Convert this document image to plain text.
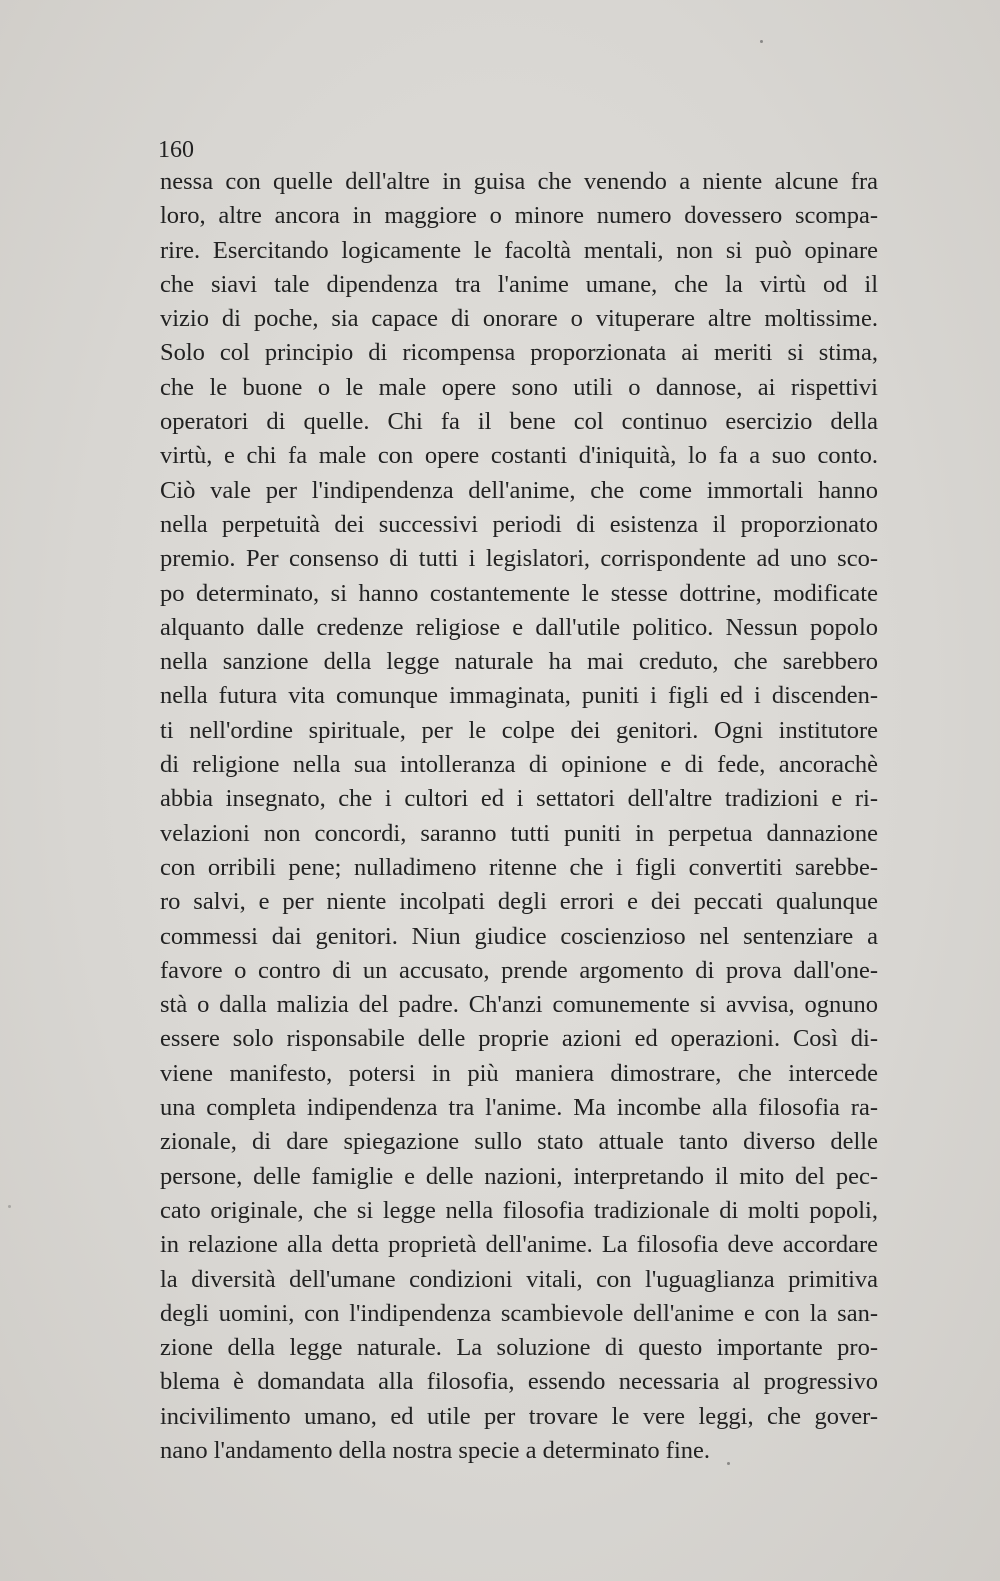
160
nessa con quelle dell'altre in guisa che venendo a niente alcune fra
loro, altre ancora in maggiore o minore numero dovessero scompa-
rire. Esercitando logicamente le facoltà mentali, non si può opinare
che siavi tale dipendenza tra l'anime umane, che la virtù od il
vizio di poche, sia capace di onorare o vituperare altre moltissime.
Solo col principio di ricompensa proporzionata ai meriti si stima,
che le buone o le male opere sono utili o dannose, ai rispettivi
operatori di quelle. Chi fa il bene col continuo esercizio della
virtù, e chi fa male con opere costanti d'iniquità, lo fa a suo conto.
Ciò vale per l'indipendenza dell'anime, che come immortali hanno
nella perpetuità dei successivi periodi di esistenza il proporzionato
premio. Per consenso di tutti i legislatori, corrispondente ad uno sco-
po determinato, si hanno costantemente le stesse dottrine, modificate
alquanto dalle credenze religiose e dall'utile politico. Nessun popolo
nella sanzione della legge naturale ha mai creduto, che sarebbero
nella futura vita comunque immaginata, puniti i figli ed i discenden-
ti nell'ordine spirituale, per le colpe dei genitori. Ogni institutore
di religione nella sua intolleranza di opinione e di fede, ancorachè
abbia insegnato, che i cultori ed i settatori dell'altre tradizioni e ri-
velazioni non concordi, saranno tutti puniti in perpetua dannazione
con orribili pene; nulladimeno ritenne che i figli convertiti sarebbe-
ro salvi, e per niente incolpati degli errori e dei peccati qualunque
commessi dai genitori. Niun giudice coscienzioso nel sentenziare a
favore o contro di un accusato, prende argomento di prova dall'one-
stà o dalla malizia del padre. Ch'anzi comunemente si avvisa, ognuno
essere solo risponsabile delle proprie azioni ed operazioni. Così di-
viene manifesto, potersi in più maniera dimostrare, che intercede
una completa indipendenza tra l'anime. Ma incombe alla filosofia ra-
zionale, di dare spiegazione sullo stato attuale tanto diverso delle
persone, delle famiglie e delle nazioni, interpretando il mito del pec-
cato originale, che si legge nella filosofia tradizionale di molti popoli,
in relazione alla detta proprietà dell'anime. La filosofia deve accordare
la diversità dell'umane condizioni vitali, con l'uguaglianza primitiva
degli uomini, con l'indipendenza scambievole dell'anime e con la san-
zione della legge naturale. La soluzione di questo importante pro-
blema è domandata alla filosofia, essendo necessaria al progressivo
incivilimento umano, ed utile per trovare le vere leggi, che gover-
nano l'andamento della nostra specie a determinato fine.
